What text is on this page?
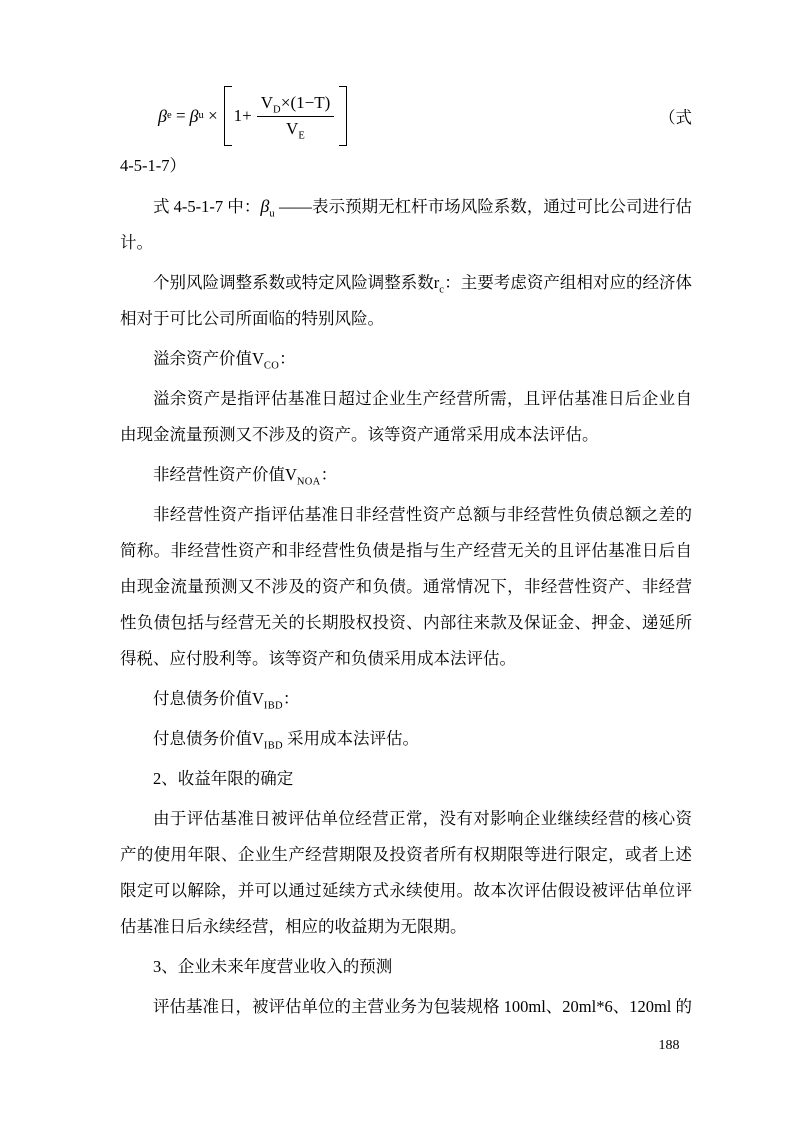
β e = β $u \times 1+ \frac{V_D\times(1-T)}{V_E}$	（式

4-5-1-7）

式 4-5-1-7 中：$\beta_u$ ——表示预期无杠杆市场风险系数，通过可比公司进行估计。

个别风险调整系数或特定风险调整系数$r_c$：主要考虑资产组相对应的经济体相对于可比公司所面临的特别风险。

溢余资产价值$V_{CO}$：

溢余资产是指评估基准日超过企业生产经营所需，且评估基准日后企业自由现金流量预测又不涉及的资产。该等资产通常采用成本法评估。

非经营性资产价值$V_{NOA}$：

非经营性资产指评估基准日非经营性资产总额与非经营性负债总额之差的简称。非经营性资产和非经营性负债是指与生产经营无关的且评估基准日后自由现金流量预测又不涉及的资产和负债。通常情况下，非经营性资产、非经营性负债包括与经营无关的长期股权投资、内部往来款及保证金、押金、递延所得税、应付股利等。该等资产和负债采用成本法评估。

付息债务价值$V_{IBD}$：

付息债务价值$V_{IBD}$ 采用成本法评估。

2、收益年限的确定

由于评估基准日被评估单位经营正常，没有对影响企业继续经营的核心资产的使用年限、企业生产经营期限及投资者所有权期限等进行限定，或者上述限定可以解除，并可以通过延续方式永续使用。故本次评估假设被评估单位评估基准日后永续经营，相应的收益期为无限期。

3、企业未来年度营业收入的预测

评估基准日，被评估单位的主营业务为包装规格 100ml、20ml*6、120ml 的

188
